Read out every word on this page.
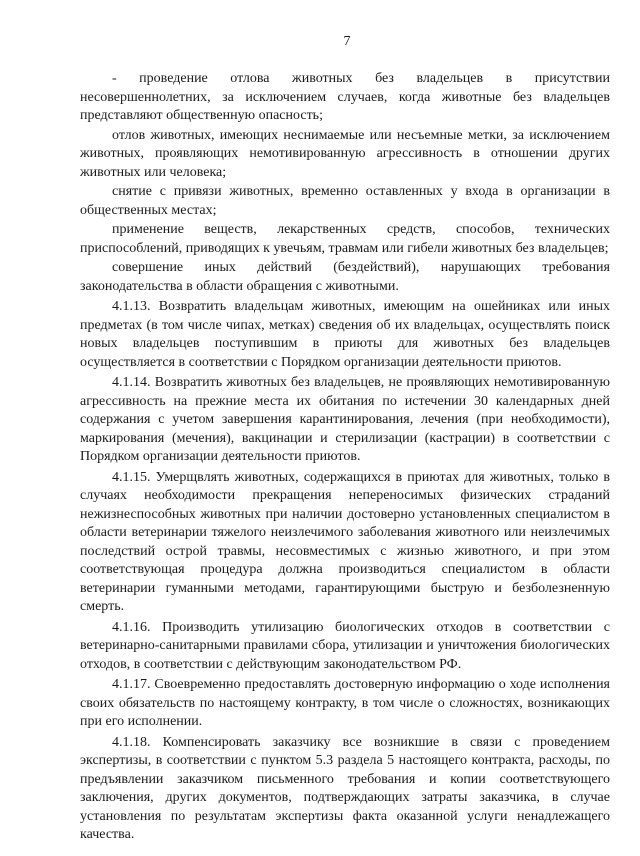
7

- проведение отлова животных без владельцев в присутствии несовершеннолетних, за исключением случаев, когда животные без владельцев представляют общественную опасность;

отлов животных, имеющих неснимаемые или несъемные метки, за исключением животных, проявляющих немотивированную агрессивность в отношении других животных или человека;

снятие с привязи животных, временно оставленных у входа в организации в общественных местах;

применение веществ, лекарственных средств, способов, технических приспособлений, приводящих к увечьям, травмам или гибели животных без владельцев;

совершение иных действий (бездействий), нарушающих требования законодательства в области обращения с животными.

4.1.13. Возвратить владельцам животных, имеющим на ошейниках или иных предметах (в том числе чипах, метках) сведения об их владельцах, осуществлять поиск новых владельцев поступившим в приюты для животных без владельцев осуществляется в соответствии с Порядком организации деятельности приютов.

4.1.14. Возвратить животных без владельцев, не проявляющих немотивированную агрессивность на прежние места их обитания по истечении 30 календарных дней содержания с учетом завершения карантинирования, лечения (при необходимости), маркирования (мечения), вакцинации и стерилизации (кастрации) в соответствии с Порядком организации деятельности приютов.

4.1.15. Умерщвлять животных, содержащихся в приютах для животных, только в случаях необходимости прекращения непереносимых физических страданий нежизнеспособных животных при наличии достоверно установленных специалистом в области ветеринарии тяжелого неизлечимого заболевания животного или неизлечимых последствий острой травмы, несовместимых с жизнью животного, и при этом соответствующая процедура должна производиться специалистом в области ветеринарии гуманными методами, гарантирующими быструю и безболезненную смерть.

4.1.16. Производить утилизацию биологических отходов в соответствии с ветеринарно-санитарными правилами сбора, утилизации и уничтожения биологических отходов, в соответствии с действующим законодательством РФ.

4.1.17. Своевременно предоставлять достоверную информацию о ходе исполнения своих обязательств по настоящему контракту, в том числе о сложностях, возникающих при его исполнении.

4.1.18. Компенсировать заказчику все возникшие в связи с проведением экспертизы, в соответствии с пунктом 5.3 раздела 5 настоящего контракта, расходы, по предъявлении заказчиком письменного требования и копии соответствующего заключения, других документов, подтверждающих затраты заказчика, в случае установления по результатам экспертизы факта оказанной услуги ненадлежащего качества.
